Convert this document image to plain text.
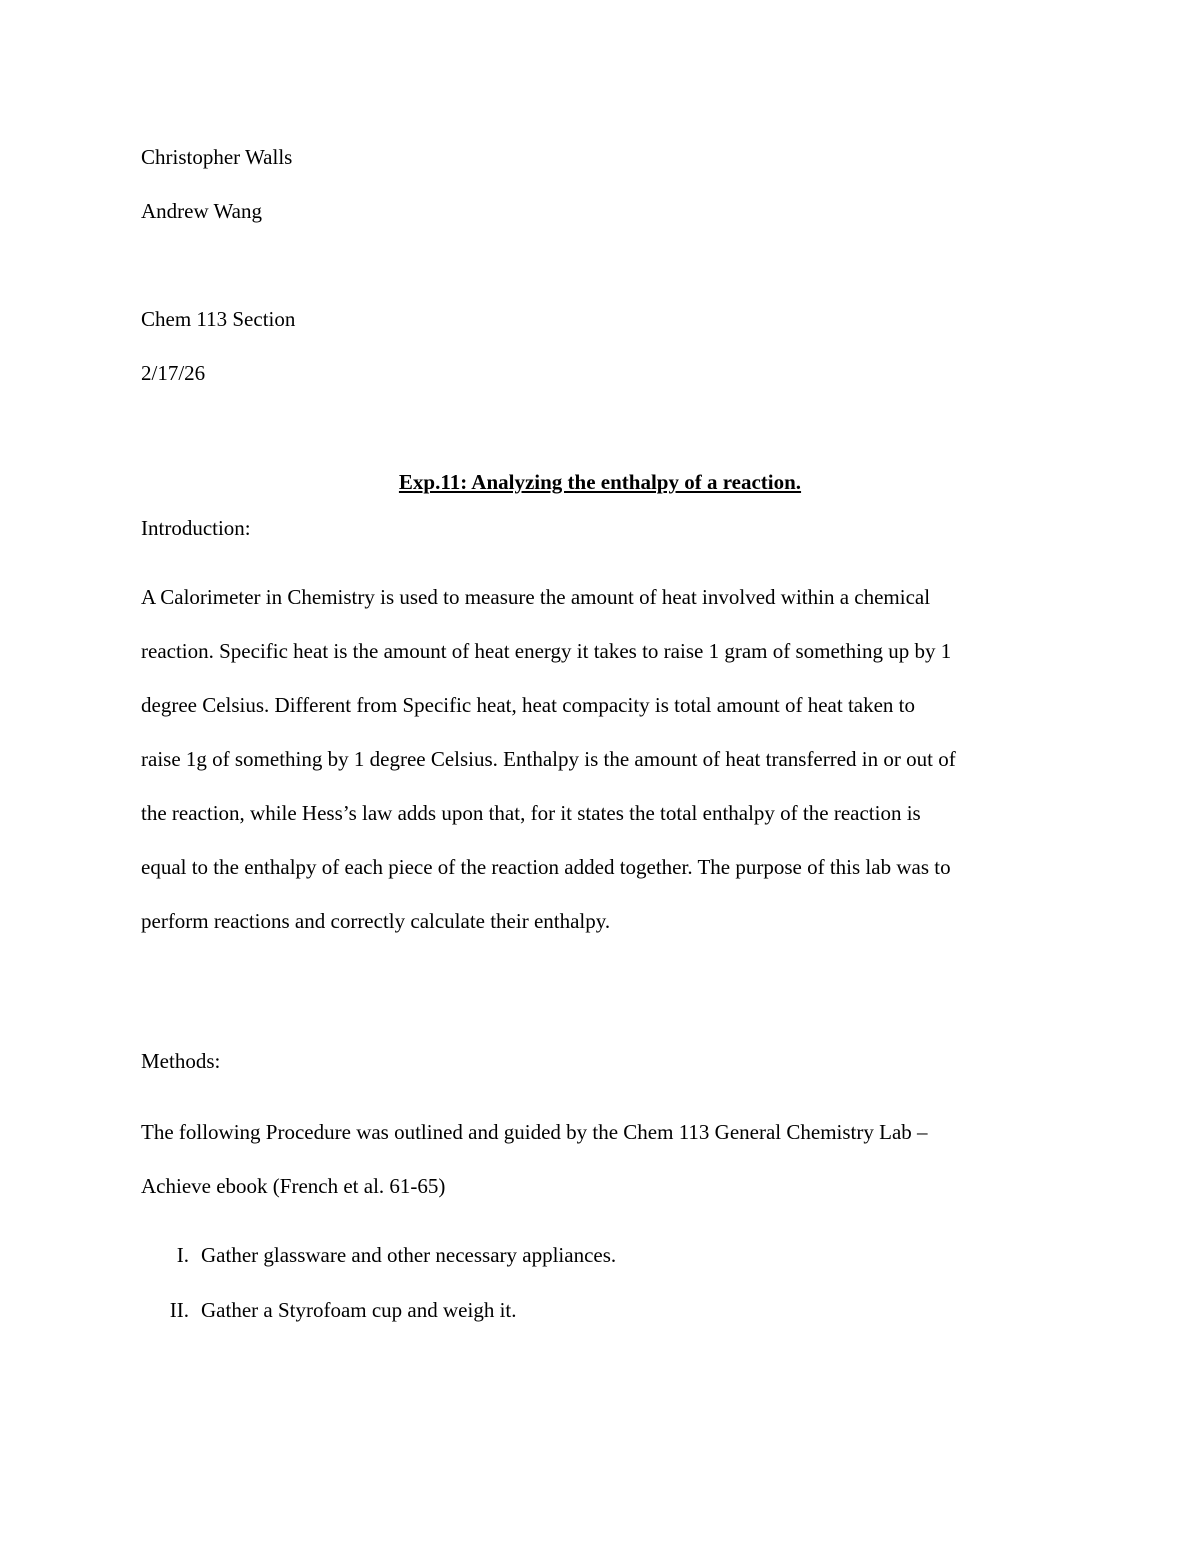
Christopher Walls

Andrew Wang

Chem 113 Section

2/17/26

Exp.11: Analyzing the enthalpy of a reaction.

Introduction:

A Calorimeter in Chemistry is used to measure the amount of heat involved within a chemical
reaction. Specific heat is the amount of heat energy it takes to raise 1 gram of something up by 1
degree Celsius. Different from Specific heat, heat compacity is total amount of heat taken to
raise 1g of something by 1 degree Celsius. Enthalpy is the amount of heat transferred in or out of
the reaction, while Hess’s law adds upon that, for it states the total enthalpy of the reaction is
equal to the enthalpy of each piece of the reaction added together. The purpose of this lab was to
perform reactions and correctly calculate their enthalpy.

Methods:

The following Procedure was outlined and guided by the Chem 113 General Chemistry Lab –
Achieve ebook (French et al. 61-65)

I. Gather glassware and other necessary appliances.

II. Gather a Styrofoam cup and weigh it.
